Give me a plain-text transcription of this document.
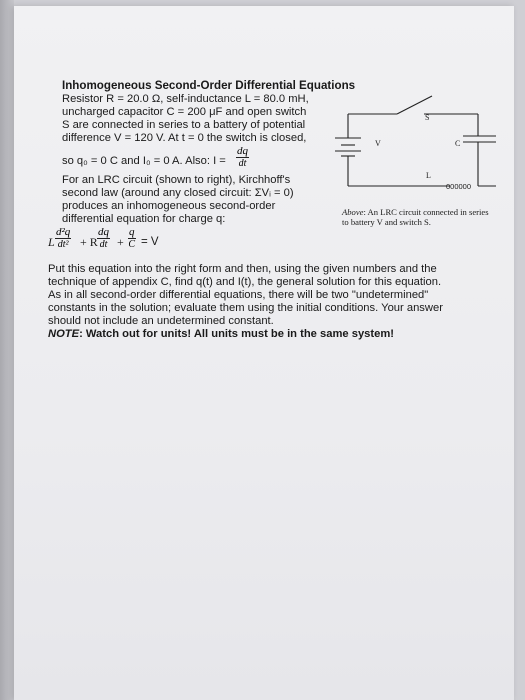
Inhomogeneous Second-Order Differential Equations
Resistor R = 20.0 Ω, self-inductance L = 80.0 mH,
uncharged capacitor C = 200 μF and open switch
S are connected in series to a battery of potential
difference V = 120 V. At t = 0 the switch is closed,
so q₀ = 0 C and I₀ = 0 A. Also: $I = \frac{dq}{dt}$
For an LRC circuit (shown to right), Kirchhoff's
second law (around any closed circuit: ΣVᵢ = 0)
produces an inhomogeneous second-order
differential equation for charge q:
L $\frac{\text{d²q}}{\text{dt²}} + R \frac{dq}{dt} + \frac{q}{C} = V$
S
V	C
L
000000
Above: An LRC circuit connected in series
to battery V and switch S.
Put this equation into the right form and then, using the given numbers and the
technique of appendix C, find q(t) and I(t), the general solution for this equation.
As in all second-order differential equations, there will be two "undetermined"
constants in the solution; evaluate them using the initial conditions. Your answer
should not include an undetermined constant.
NOTE: Watch out for units! All units must be in the same system!
